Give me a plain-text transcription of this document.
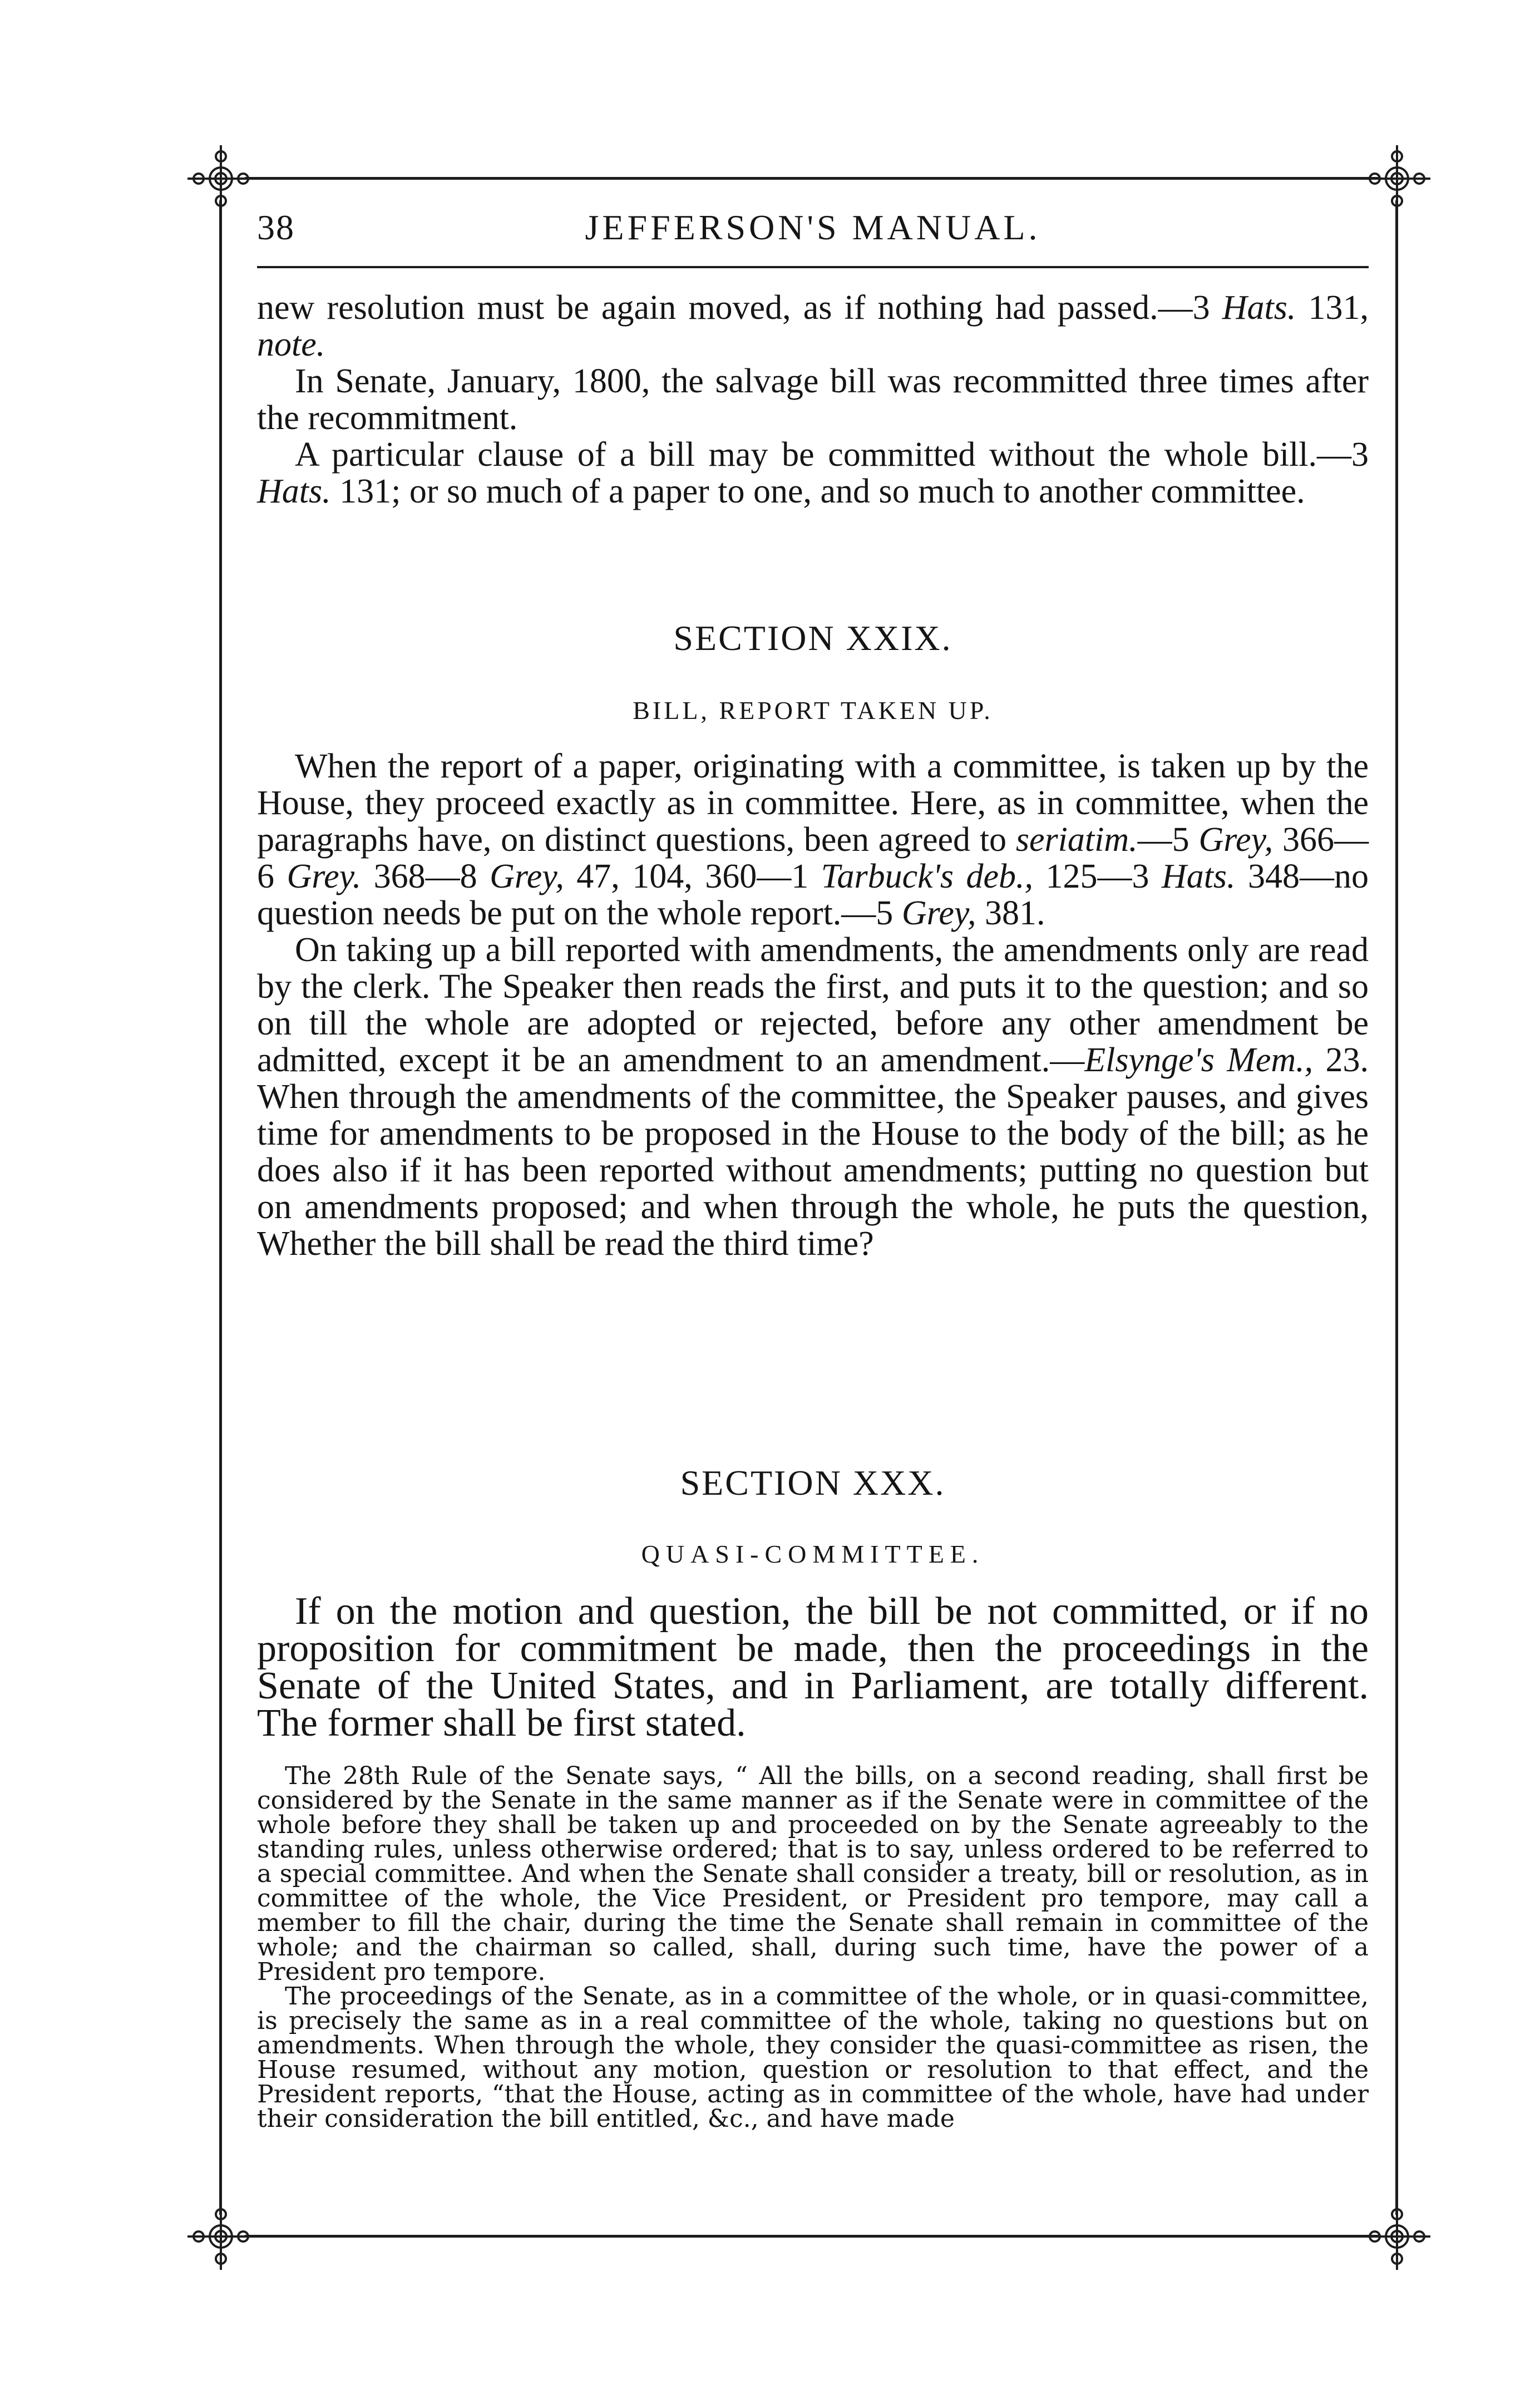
38	JEFFERSON'S MANUAL.

new resolution must be again moved, as if nothing had passed.—3 Hats. 131, note.

In Senate, January, 1800, the salvage bill was recommitted three times after the recommitment.

A particular clause of a bill may be committed without the whole bill.—3 Hats. 131; or so much of a paper to one, and so much to another committee.

SECTION XXIX.
BILL, REPORT TAKEN UP.

When the report of a paper, originating with a committee, is taken up by the House, they proceed exactly as in committee. Here, as in committee, when the paragraphs have, on distinct questions, been agreed to seriatim.—5 Grey, 366—6 Grey. 368—8 Grey, 47, 104, 360—1 Tarbuck's deb., 125—3 Hats. 348—no question needs be put on the whole report.—5 Grey, 381.

On taking up a bill reported with amendments, the amendments only are read by the clerk. The Speaker then reads the first, and puts it to the question; and so on till the whole are adopted or rejected, before any other amendment be admitted, except it be an amendment to an amendment.—Elsynge's Mem., 23. When through the amendments of the committee, the Speaker pauses, and gives time for amendments to be proposed in the House to the body of the bill; as he does also if it has been reported without amendments; putting no question but on amendments proposed; and when through the whole, he puts the question, Whether the bill shall be read the third time?

SECTION XXX.
QUASI-COMMITTEE.

If on the motion and question, the bill be not committed, or if no proposition for commitment be made, then the proceedings in the Senate of the United States, and in Parliament, are totally different. The former shall be first stated.

The 28th Rule of the Senate says, “ All the bills, on a second reading, shall first be considered by the Senate in the same manner as if the Senate were in committee of the whole before they shall be taken up and proceeded on by the Senate agreeably to the standing rules, unless otherwise ordered; that is to say, unless ordered to be referred to a special committee. And when the Senate shall consider a treaty, bill or resolution, as in committee of the whole, the Vice President, or President pro tempore, may call a member to fill the chair, during the time the Senate shall remain in committee of the whole; and the chairman so called, shall, during such time, have the power of a President pro tempore.

The proceedings of the Senate, as in a committee of the whole, or in quasi-committee, is precisely the same as in a real committee of the whole, taking no questions but on amendments. When through the whole, they consider the quasi-committee as risen, the House resumed, without any motion, question or resolution to that effect, and the President reports, “that the House, acting as in committee of the whole, have had under their consideration the bill entitled, &c., and have made
